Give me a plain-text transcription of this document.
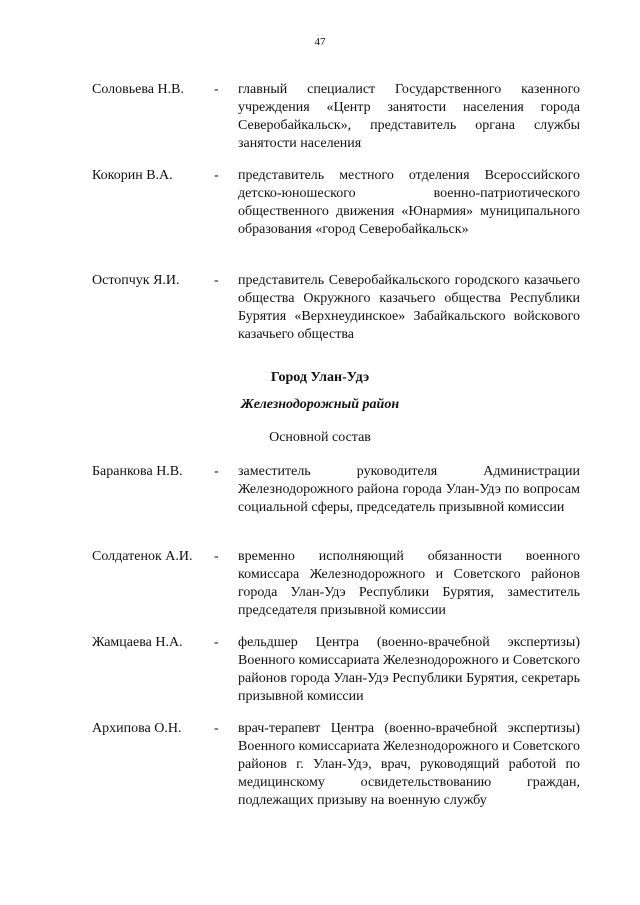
47
Соловьева Н.В. - главный специалист Государственного казенного учреждения «Центр занятости населения города Северобайкальск», представитель органа службы занятости населения
Кокорин В.А.	- представитель местного отделения Всероссийского детско-юношеского военно-патриотического общественного движения «Юнармия» муниципального образования «город Северобайкальск»
Остопчук Я.И. - представитель Северобайкальского городского казачьего общества Окружного казачьего общества Республики Бурятия «Верхнеудинское» Забайкальского войскового казачьего общества
Город Улан-Удэ
Железнодорожный район
Основной состав
Баранкова Н.В. - заместитель руководителя Администрации Железнодорожного района города Улан-Удэ по вопросам социальной сферы, председатель призывной комиссии
Солдатенок А.И. - временно исполняющий обязанности военного комиссара Железнодорожного и Советского районов города Улан-Удэ Республики Бурятия, заместитель председателя призывной комиссии
Жамцаева Н.А. - фельдшер Центра (военно-врачебной экспертизы) Военного комиссариата Железнодорожного и Советского районов города Улан-Удэ Республики Бурятия, секретарь призывной комиссии
Архипова О.Н. - врач-терапевт Центра (военно-врачебной экспертизы) Военного комиссариата Железнодорожного и Советского районов г. Улан-Удэ, врач, руководящий работой по медицинскому освидетельствованию граждан, подлежащих призыву на военную службу
